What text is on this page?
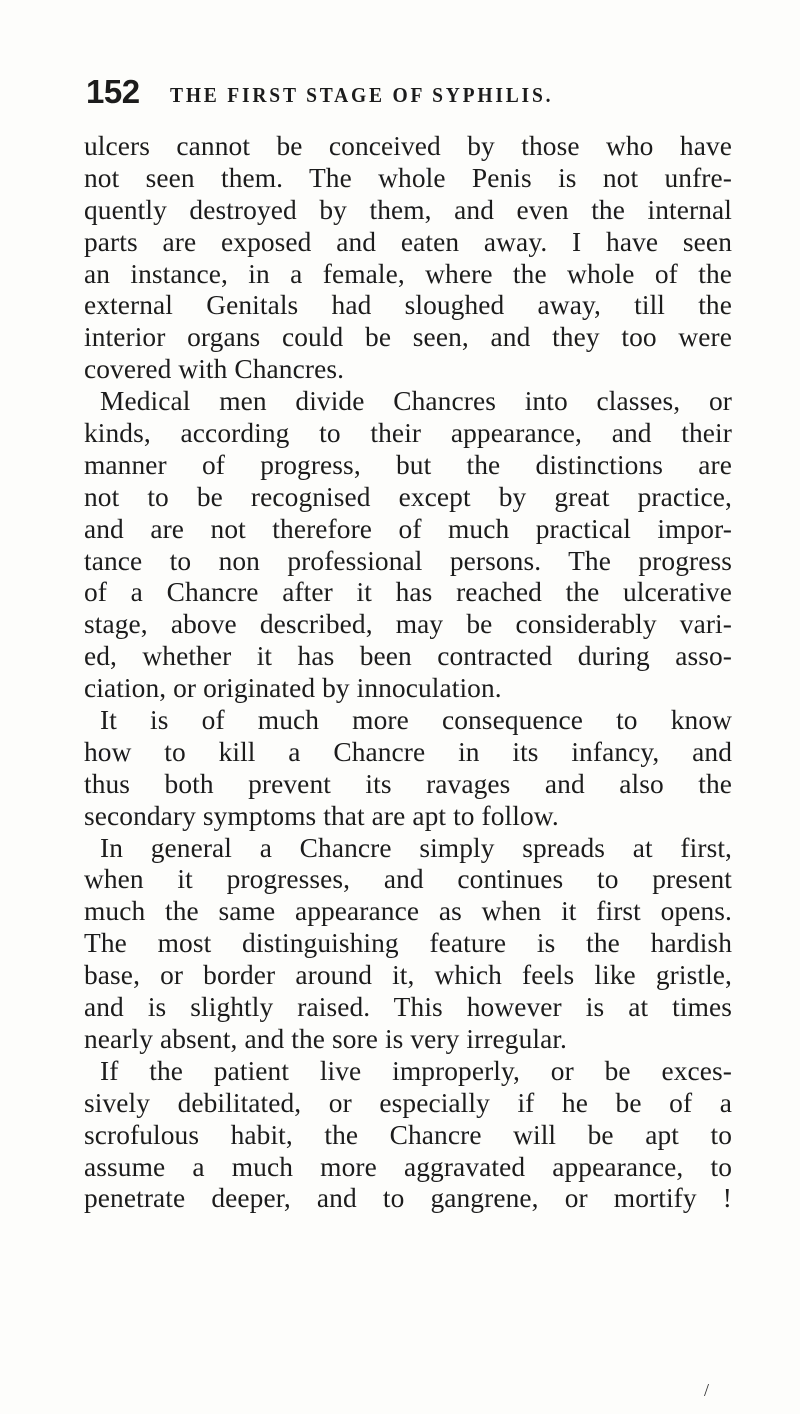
152 THE FIRST STAGE OF SYPHILIS.
ulcers cannot be conceived by those who have
not seen them. The whole Penis is not unfre-
quently destroyed by them, and even the internal
parts are exposed and eaten away. I have seen
an instance, in a female, where the whole of the
external Genitals had sloughed away, till the
interior organs could be seen, and they too were
covered with Chancres.
Medical men divide Chancres into classes, or
kinds, according to their appearance, and their
manner of progress, but the distinctions are
not to be recognised except by great practice,
and are not therefore of much practical impor-
tance to non professional persons. The progress
of a Chancre after it has reached the ulcerative
stage, above described, may be considerably vari-
ed, whether it has been contracted during asso-
ciation, or originated by innoculation.
It is of much more consequence to know
how to kill a Chancre in its infancy, and
thus both prevent its ravages and also the
secondary symptoms that are apt to follow.
In general a Chancre simply spreads at first,
when it progresses, and continues to present
much the same appearance as when it first opens.
The most distinguishing feature is the hardish
base, or border around it, which feels like gristle,
and is slightly raised. This however is at times
nearly absent, and the sore is very irregular.
If the patient live improperly, or be exces-
sively debilitated, or especially if he be of a
scrofulous habit, the Chancre will be apt to
assume a much more aggravated appearance, to
penetrate deeper, and to gangrene, or mortify !
/
